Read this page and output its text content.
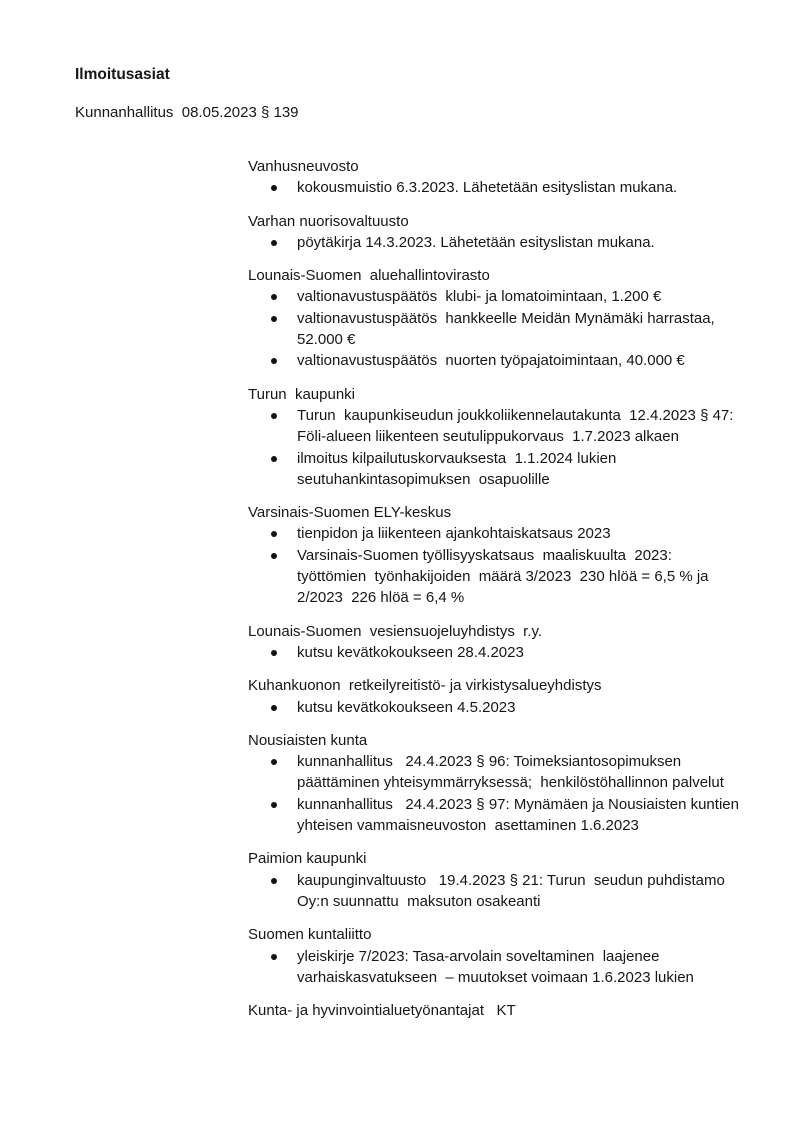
Ilmoitusasiat
Kunnanhallitus  08.05.2023 § 139
Vanhusneuvosto
kokousmuistio 6.3.2023. Lähetetään esityslistan mukana.
Varhan nuorisovaltuusto
pöytäkirja 14.3.2023. Lähetetään esityslistan mukana.
Lounais-Suomen  aluehallintovirasto
valtionavustuspäätös  klubi- ja lomatoimintaan, 1.200 €
valtionavustuspäätös  hankkeelle Meidän Mynämäki harrastaa, 52.000 €
valtionavustuspäätös  nuorten työpajatoimintaan, 40.000 €
Turun  kaupunki
Turun  kaupunkiseudun joukkoliikennelautakunta  12.4.2023 § 47: Föli-alueen liikenteen seutulippukorvaus  1.7.2023 alkaen
ilmoitus kilpailutuskorvauksesta  1.1.2024 lukien seutuhankintasopimuksen  osapuolille
Varsinais-Suomen ELY-keskus
tienpidon ja liikenteen ajankohtaiskatsaus 2023
Varsinais-Suomen työllisyyskatsaus  maaliskuulta  2023: työttömien  työnhakijoiden  määrä 3/2023  230 hlöä = 6,5 % ja 2/2023  226 hlöä = 6,4 %
Lounais-Suomen  vesiensuojeluyhdistys  r.y.
kutsu kevätkokoukseen 28.4.2023
Kuhankuonon  retkeilyreitistö- ja virkistysalueyhdistys
kutsu kevätkokoukseen 4.5.2023
Nousiaisten kunta
kunnanhallitus   24.4.2023 § 96: Toimeksiantosopimuksen päättäminen yhteisymmärryksessä;  henkilöstöhallinnon palvelut
kunnanhallitus   24.4.2023 § 97: Mynämäen ja Nousiaisten kuntien yhteisen vammaisneuvoston  asettaminen 1.6.2023
Paimion kaupunki
kaupunginvaltuusto   19.4.2023 § 21: Turun  seudun puhdistamo  Oy:n suunnattu  maksuton osakeanti
Suomen kuntaliitto
yleiskirje 7/2023: Tasa-arvolain soveltaminen  laajenee varhaiskasvatukseen  – muutokset voimaan 1.6.2023 lukien
Kunta- ja hyvinvointialuetyönantajat   KT
